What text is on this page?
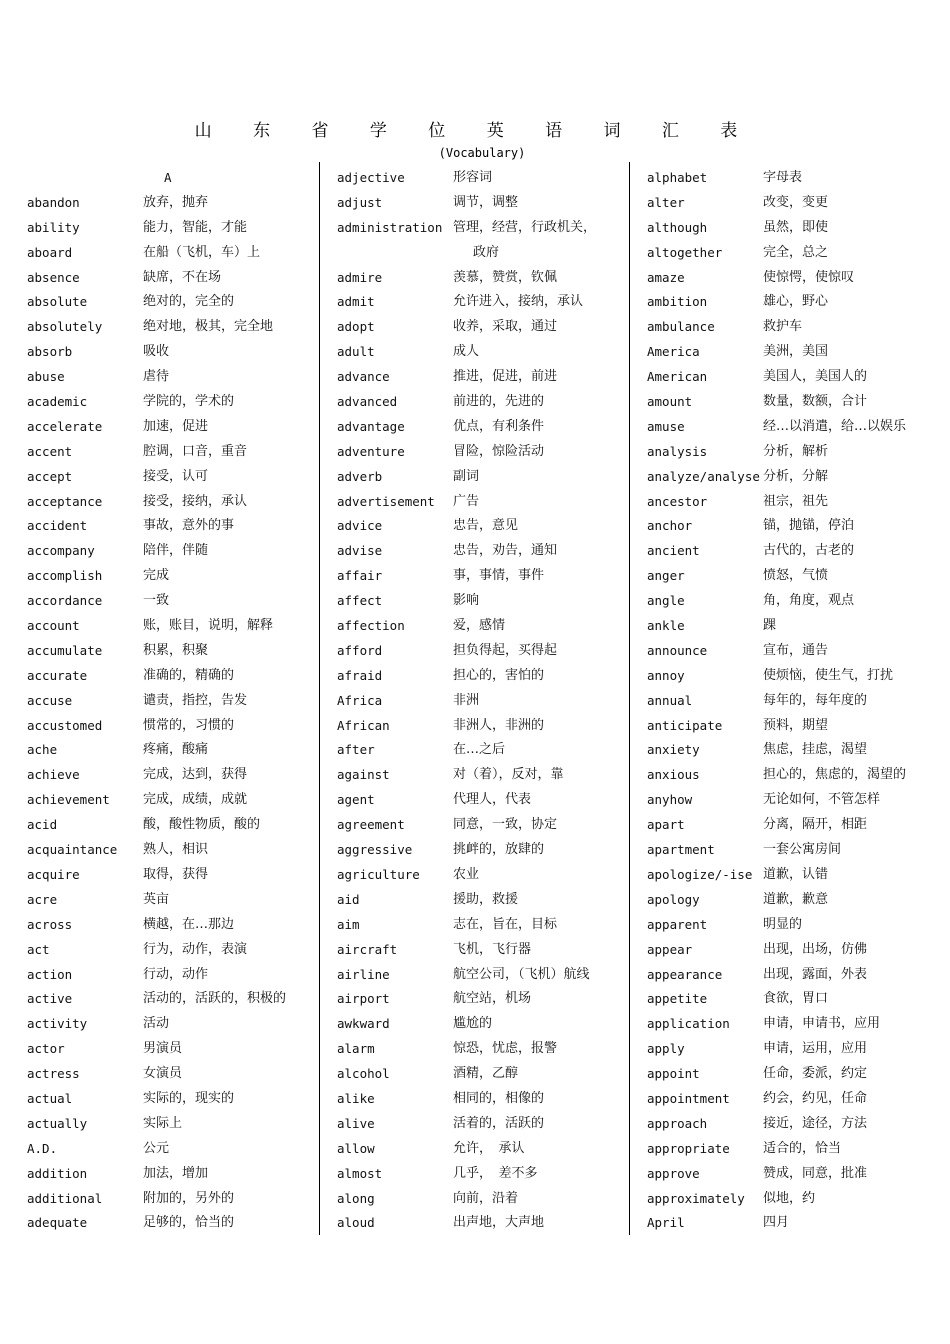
山 东 省 学 位 英 语 词 汇 表
(Vocabulary)
A
abandon	放弃，抛弃
ability	能力，智能，才能
aboard	在船（飞机，车）上
absence	缺席，不在场
absolute	绝对的，完全的
absolutely	绝对地，极其，完全地
absorb	吸收
abuse	虐待
academic	学院的，学术的
accelerate	加速，促进
accent	腔调，口音，重音
accept	接受，认可
acceptance	接受，接纳，承认
accident	事故，意外的事
accompany	陪伴，伴随
accomplish	完成
accordance	一致
account	账，账目，说明，解释
accumulate	积累，积聚
accurate	准确的，精确的
accuse	谴责，指控，告发
accustomed	惯常的，习惯的
ache	疼痛，酸痛
achieve	完成，达到，获得
achievement	完成，成绩，成就
acid	酸，酸性物质，酸的
acquaintance	熟人，相识
acquire	取得，获得
acre	英亩
across	横越，在…那边
act	行为，动作，表演
action	行动，动作
active	活动的，活跃的，积极的
activity	活动
actor	男演员
actress	女演员
actual	实际的，现实的
actually	实际上
A.D.	公元
addition	加法，增加
additional	附加的，另外的
adequate	足够的，恰当的
adjective	形容词
adjust	调节，调整
administration 管理，经营，行政机关，
政府
admire	羡慕，赞赏，钦佩
admit	允许进入，接纳，承认
adopt	收养，采取，通过
adult	成人
advance	推进，促进，前进
advanced	前进的，先进的
advantage	优点，有利条件
adventure	冒险，惊险活动
adverb	副词
advertisement	广告
advice	忠告，意见
advise	忠告，劝告，通知
affair	事，事情，事件
affect	影响
affection	爱，感情
afford	担负得起，买得起
afraid	担心的，害怕的
Africa	非洲
African	非洲人，非洲的
after	在…之后
against	对（着），反对，靠
agent	代理人，代表
agreement	同意，一致，协定
aggressive	挑衅的，放肆的
agriculture	农业
aid	援助，救援
aim	志在，旨在，目标
aircraft	飞机，飞行器
airline	航空公司，（飞机）航线
airport	航空站，机场
awkward	尴尬的
alarm	惊恐，忧虑，报警
alcohol	酒精，乙醇
alike	相同的，相像的
alive	活着的，活跃的
allow	允许，　承认
almost	几乎，　差不多
along	向前，沿着
aloud	出声地，大声地
alphabet	字母表
alter	改变，变更
although	虽然，即使
altogether	完全，总之
amaze	使惊愕，使惊叹
ambition	雄心，野心
ambulance	救护车
America	美洲，美国
American	美国人，美国人的
amount	数量，数额，合计
amuse	经…以消遣，给…以娱乐
analysis	分析，解析
analyze/analyse 分析，分解
ancestor	祖宗，祖先
anchor	锚，抛锚，停泊
ancient	古代的，古老的
anger	愤怒，气愤
angle	角，角度，观点
ankle	踝
announce	宣布，通告
annoy	使烦恼，使生气，打扰
annual	每年的，每年度的
anticipate	预料，期望
anxiety	焦虑，挂虑，渴望
anxious	担心的，焦虑的，渴望的
anyhow	无论如何，不管怎样
apart	分离，隔开，相距
apartment	一套公寓房间
apologize/-ise 道歉，认错
apology	道歉，歉意
apparent	明显的
appear	出现，出场，仿佛
appearance	出现，露面，外表
appetite	食欲，胃口
application	申请，申请书，应用
apply	申请，运用，应用
appoint	任命，委派，约定
appointment	约会，约见，任命
approach	接近，途径，方法
appropriate	适合的，恰当
approve	赞成，同意，批准
approximately	似地，约
April	四月
